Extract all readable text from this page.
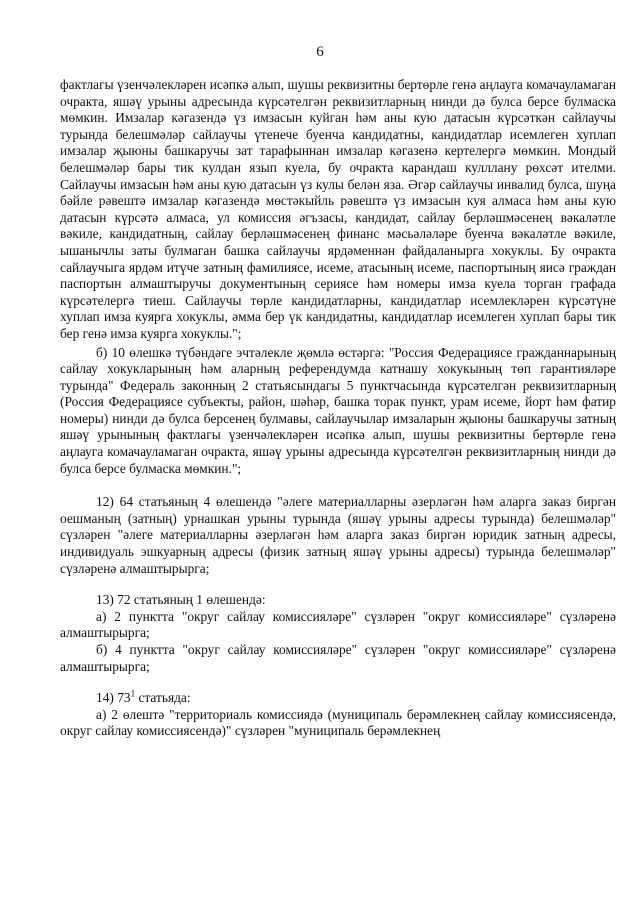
6

фактлагы үзенчәлекләрен исәпкә алып, шушы реквизитны бертөрле генә аңлауга комачауламаган очракта, яшәү урыны адресында күрсәтелгән реквизитларның нинди дә булса берсе булмаска мөмкин. Имзалар кәгазендә үз имзасын куйган һәм аны кую датасын күрсәткән сайлаучы турында белешмәләр сайлаучы үтенече буенча кандидатны, кандидатлар исемлеген хуплап имзалар җыюны башкаручы зат тарафыннан имзалар кәгазенә кертелергә мөмкин. Мондый белешмәләр бары тик кулдан язып куела, бу очракта карандаш кулллану рөхсәт ителми. Сайлаучы имзасын һәм аны кую датасын үз кулы белән яза. Әгәр сайлаучы инвалид булса, шуңа бәйле рәвештә имзалар кәгазендә мөстәкыйль рәвештә үз имзасын куя алмаса һәм аны кую датасын күрсәтә алмаса, ул комиссия әгъзасы, кандидат, сайлау берләшмәсенең вәкаләтле вәкиле, кандидатның, сайлау берләшмәсенең финанс мәсьәләләре буенча вәкаләтле вәкиле, ышанычлы заты булмаган башка сайлаучы ярдәменнән файдаланырга хокуклы. Бу очракта сайлаучыга ярдәм итүче затның фамилиясе, исеме, атасының исеме, паспортының яисә граждан паспортын алмаштыручы документының сериясе һәм номеры имза куела торган графада күрсәтелергә тиеш. Сайлаучы төрле кандидатларны, кандидатлар исемлекләрен күрсәтүне хуплап имза куярга хокуклы, әмма бер үк кандидатны, кандидатлар исемлеген хуплап бары тик бер генә имза куярга хокуклы.";

б) 10 өлешкә түбәндәге эчтәлекле җөмлә өстәргә: "Россия Федерациясе гражданнарының сайлау хокукларының һәм аларның референдумда катнашу хокукының төп гарантияләре турында" Федераль законның 2 статьясындагы 5 пунктчасында күрсәтелгән реквизитларның (Россия Федерациясе субъекты, район, шәһәр, башка торак пункт, урам исеме, йорт һәм фатир номеры) нинди дә булса берсенең булмавы, сайлаучылар имзаларын җыюны башкаручы затның яшәү урынының фактлагы үзенчәлекләрен исәпкә алып, шушы реквизитны бертөрле генә аңлауга комачауламаган очракта, яшәү урыны адресында күрсәтелгән реквизитларның нинди дә булса берсе булмаска мөмкин.";

12) 64 статьяның 4 өлешендә "әлеге материалларны әзерләгән һәм аларга заказ биргән оешманың (затның) урнашкан урыны турында (яшәү урыны адресы турында) белешмәләр" сүзләрен "әлеге материалларны әзерләгән һәм аларга заказ биргән юридик затның адресы, индивидуаль эшкуарның адресы (физик затның яшәү урыны адресы) турында белешмәләр" сүзләренә алмаштырырга;

13) 72 статьяның 1 өлешендә:

а) 2 пунктта "округ сайлау комиссияләре" сүзләрен "округ комиссияләре" сүзләренә алмаштырырга;

б) 4 пунктта "округ сайлау комиссияләре" сүзләрен "округ комиссияләре" сүзләренә алмаштырырга;

14) $73^1$ статьяда:

а) 2 өлештә "территориаль комиссиядә (муниципаль берәмлекнең сайлау комиссиясендә, округ сайлау комиссиясендә)" сүзләрен "муниципаль берәмлекнең
